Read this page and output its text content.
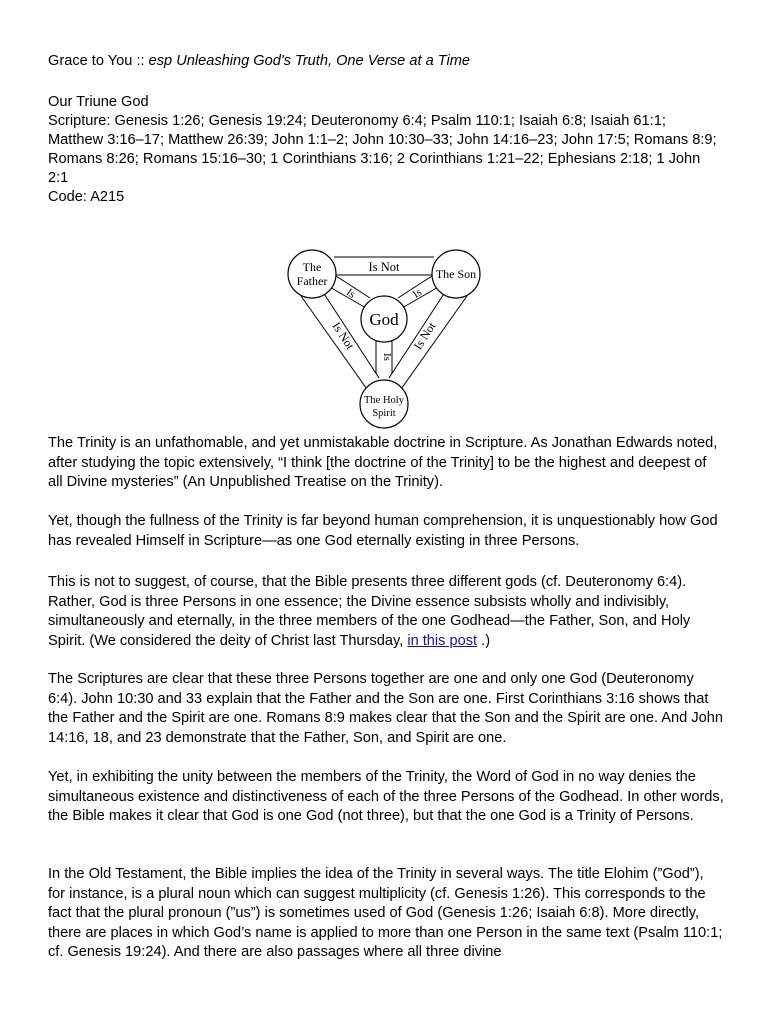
Grace to You :: esp Unleashing God's Truth, One Verse at a Time
Our Triune God
Scripture: Genesis 1:26; Genesis 19:24; Deuteronomy 6:4; Psalm 110:1; Isaiah 6:8; Isaiah 61:1; Matthew 3:16–17; Matthew 26:39; John 1:1–2; John 10:30–33; John 14:16–23; John 17:5; Romans 8:9; Romans 8:26; Romans 15:16–30; 1 Corinthians 3:16; 2 Corinthians 1:21–22; Ephesians 2:18; 1 John 2:1
Code: A215
The
Father	The Son
God
The Holy
Spirit
Is Not
Is	Is
Is
Is Not	Is Not

The Trinity is an unfathomable, and yet unmistakable doctrine in Scripture. As Jonathan Edwards noted, after studying the topic extensively, “I think [the doctrine of the Trinity] to be the highest and deepest of all Divine mysteries” (An Unpublished Treatise on the Trinity).

Yet, though the fullness of the Trinity is far beyond human comprehension, it is unquestionably how God has revealed Himself in Scripture—as one God eternally existing in three Persons.

This is not to suggest, of course, that the Bible presents three different gods (cf. Deuteronomy 6:4). Rather, God is three Persons in one essence; the Divine essence subsists wholly and indivisibly, simultaneously and eternally, in the three members of the one Godhead—the Father, Son, and Holy Spirit. (We considered the deity of Christ last Thursday, in this post .)

The Scriptures are clear that these three Persons together are one and only one God (Deuteronomy 6:4). John 10:30 and 33 explain that the Father and the Son are one. First Corinthians 3:16 shows that the Father and the Spirit are one. Romans 8:9 makes clear that the Son and the Spirit are one. And John 14:16, 18, and 23 demonstrate that the Father, Son, and Spirit are one.

Yet, in exhibiting the unity between the members of the Trinity, the Word of God in no way denies the simultaneous existence and distinctiveness of each of the three Persons of the Godhead. In other words, the Bible makes it clear that God is one God (not three), but that the one God is a Trinity of Persons.

In the Old Testament, the Bible implies the idea of the Trinity in several ways. The title Elohim (”God”), for instance, is a plural noun which can suggest multiplicity (cf. Genesis 1:26). This corresponds to the fact that the plural pronoun (”us”) is sometimes used of God (Genesis 1:26; Isaiah 6:8). More directly, there are places in which God’s name is applied to more than one Person in the same text (Psalm 110:1; cf. Genesis 19:24). And there are also passages where all three divine
